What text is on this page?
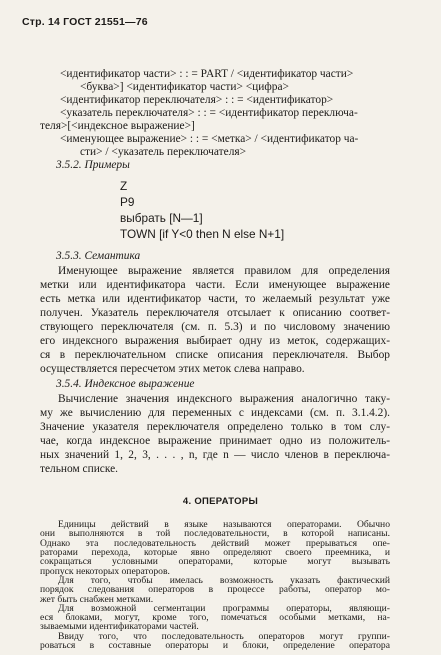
Стр. 14 ГОСТ 21551—76
<идентификатор части> : : = PART / <идентификатор части>
<буква>] <идентификатор части> <цифра>
<идентификатор переключателя> : : = <идентификатор>
<указатель переключателя> : : = <идентификатор переключа-
теля>[<индексное выражение>]
<именующее выражение> : : = <метка> / <идентификатор ча-
сти> / <указатель переключателя>
3.5.2. Примеры
Z
P9
выбрать [N—1]
TOWN [if Y<0 then N else N+1]
3.5.3. Семантика
Именующее выражение является правилом для определения
метки или идентификатора части. Если именующее выражение
есть метка или идентификатор части, то желаемый результат уже
получен. Указатель переключателя отсылает к описанию соответ-
ствующего переключателя (см. п. 5.3) и по числовому значению
его индексного выражения выбирает одну из меток, содержащих-
ся в переключательном списке описания переключателя. Выбор
осуществляется пересчетом этих меток слева направо.
3.5.4. Индексное выражение
Вычисление значения индексного выражения аналогично таку-
му же вычислению для переменных с индексами (см. п. 3.1.4.2).
Значение указателя переключателя определено только в том слу-
чае, когда индексное выражение принимает одно из положитель-
ных значений 1, 2, 3, . . . , n, где n — число членов в переключа-
тельном списке.
4. ОПЕРАТОРЫ
Единицы действий в языке называются операторами. Обычно
они выполняются в той последовательности, в которой написаны.
Однако эта последовательность действий может прерываться опе-
раторами перехода, которые явно определяют своего преемника, и
сокращаться условными операторами, которые могут вызывать
пропуск некоторых операторов.
Для того, чтобы имелась возможность указать фактический
порядок следования операторов в процессе работы, оператор мо-
жет быть снабжен метками.
Для возможной сегментации программы операторы, являющи-
еся блоками, могут, кроме того, помечаться особыми метками, на-
зываемыми идентификаторами частей.
Ввиду того, что последовательность операторов могут группи-
роваться в составные операторы и блоки, определение оператора
